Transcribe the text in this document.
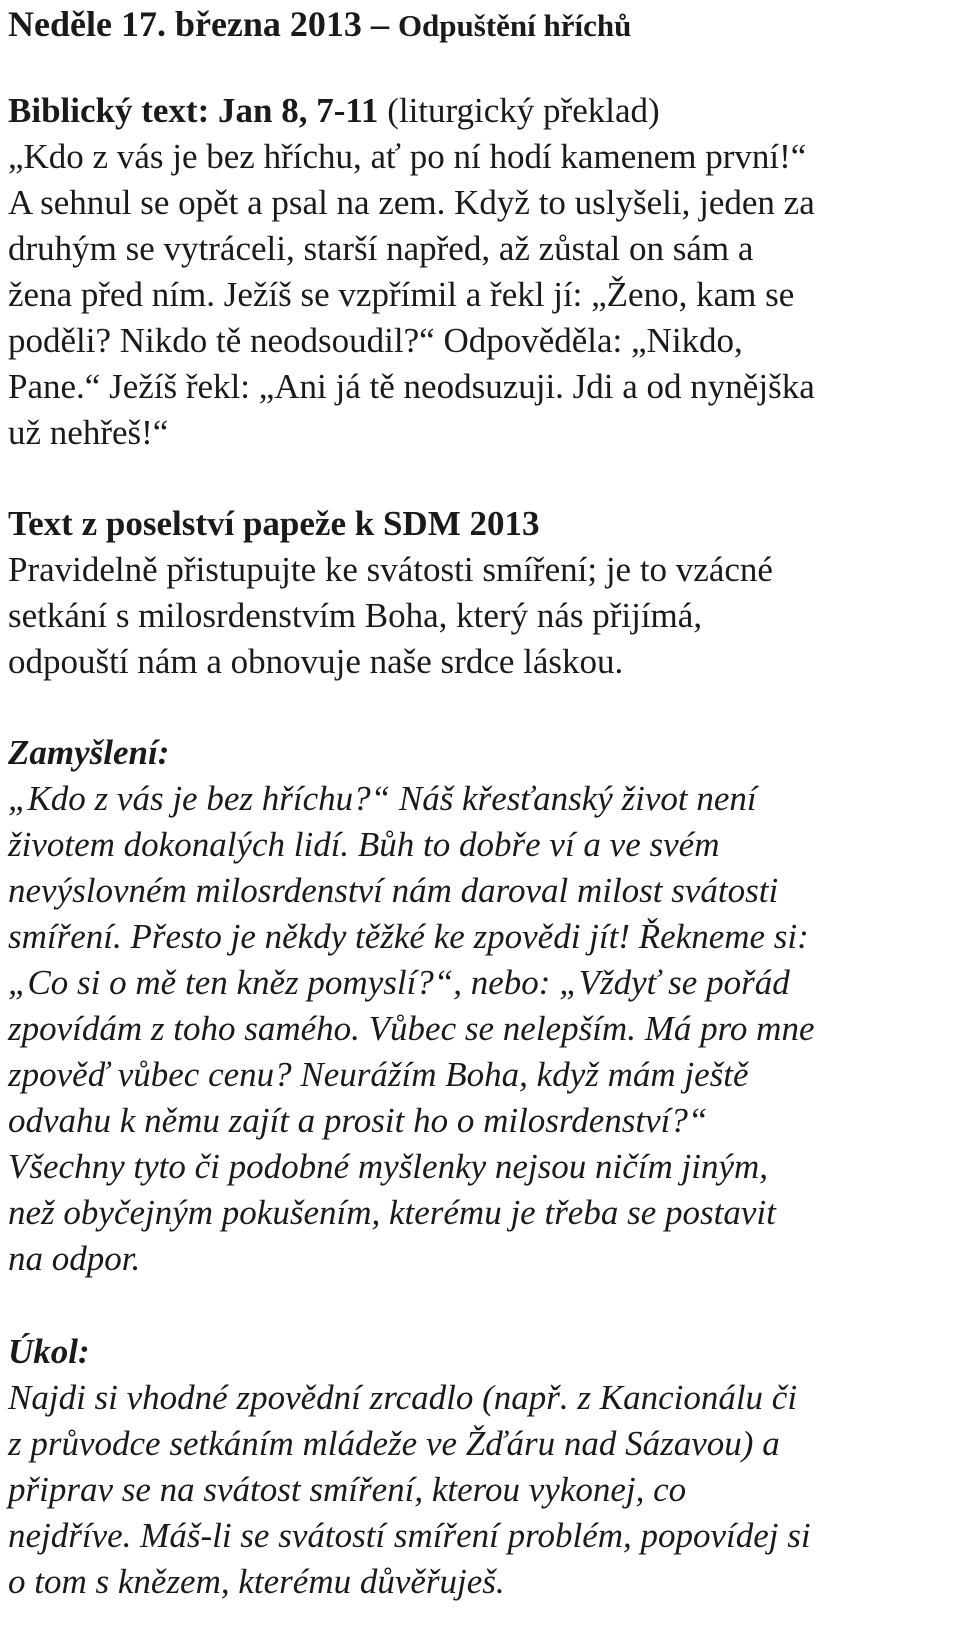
Neděle 17. března 2013 – Odpuštění hříchů

Biblický text: Jan 8, 7-11 (liturgický překlad)

„Kdo z vás je bez hříchu, ať po ní hodí kamenem první!“

A sehnul se opět a psal na zem. Když to uslyšeli, jeden za

druhým se vytráceli, starší napřed, až zůstal on sám a

žena před ním. Ježíš se vzpřímil a řekl jí: „Ženo, kam se

poděli? Nikdo tě neodsoudil?“ Odpověděla: „Nikdo,

Pane.“ Ježíš řekl: „Ani já tě neodsuzuji. Jdi a od nynějška

už nehřeš!“

Text z poselství papeže k SDM 2013

Pravidelně přistupujte ke svátosti smíření; je to vzácné

setkání s milosrdenstvím Boha, který nás přijímá,

odpouští nám a obnovuje naše srdce láskou.

Zamyšlení:

„Kdo z vás je bez hříchu?“ Náš křesťanský život není

životem dokonalých lidí. Bůh to dobře ví a ve svém

nevýslovném milosrdenství nám daroval milost svátosti

smíření. Přesto je někdy těžké ke zpovědi jít! Řekneme si:

„Co si o mě ten kněz pomyslí?“, nebo: „Vždyť se pořád

zpovídám z toho samého. Vůbec se nelepším. Má pro mne

zpověď vůbec cenu? Neurážím Boha, když mám ještě

odvahu k němu zajít a prosit ho o milosrdenství?“

Všechny tyto či podobné myšlenky nejsou ničím jiným,

než obyčejným pokušením, kterému je třeba se postavit

na odpor.

Úkol:

Najdi si vhodné zpovědní zrcadlo (např. z Kancionálu či

z průvodce setkáním mládeže ve Žďáru nad Sázavou) a

připrav se na svátost smíření, kterou vykonej, co

nejdříve. Máš-li se svátostí smíření problém, popovídej si

o tom s knězem, kterému důvěřuješ.
